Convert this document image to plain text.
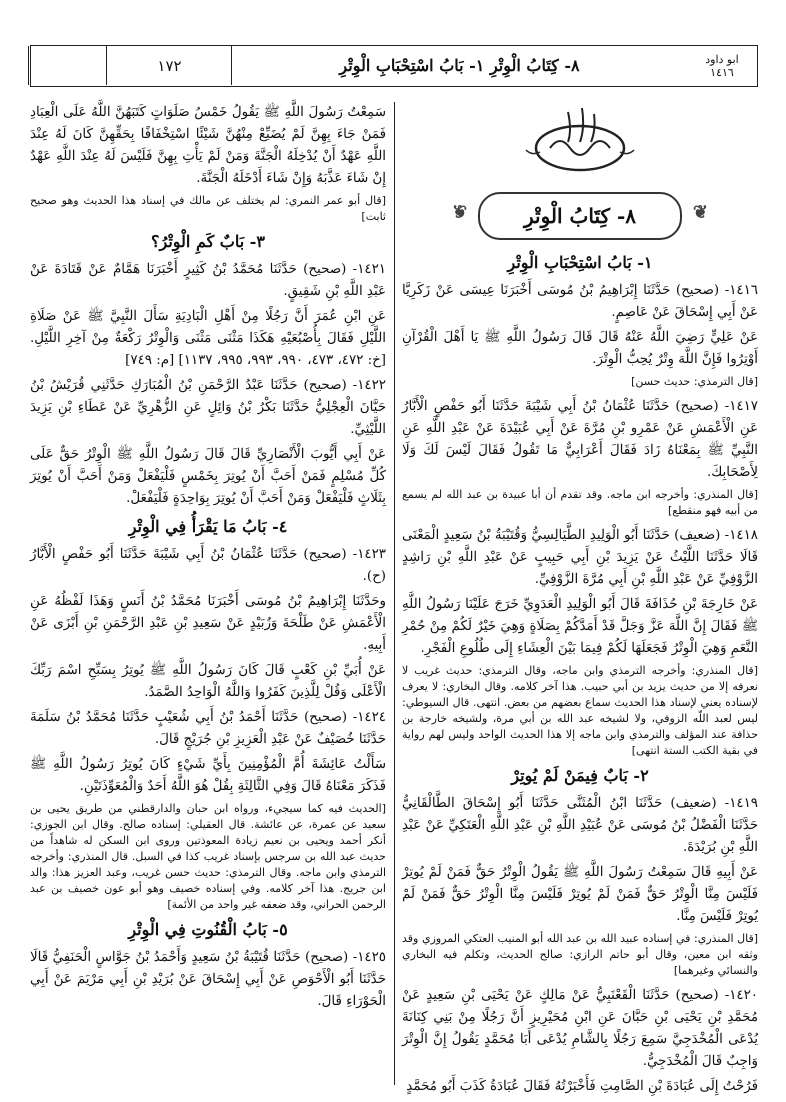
ابو داود
١٤١٦
٨- كِتَابُ الْوِتْرِ ١- بَابُ اسْتِحْبَابِ الْوِتْرِ
١٧٢
❦ ٨- كِتَابُ الْوِتْرِ ❦
١- بَابُ اسْتِحْبَابِ الْوِتْرِ

١٤١٦- (صحيح) حَدَّثَنَا إِبْرَاهِيمُ بْنُ مُوسَى أَخْبَرَنَا عِيسَى عَنْ زَكَرِيَّا عَنْ أَبِي إِسْحَاقَ عَنْ عَاصِمٍ.

عَنْ عَلِيٍّ رَضِيَ اللَّهُ عَنْهُ قَالَ قَالَ رَسُولُ اللَّهِ ﷺ يَا أَهْلَ الْقُرْآنِ أَوْتِرُوا فَإِنَّ اللَّهَ وِتْرٌ يُحِبُّ الْوِتْرَ.

[قال الترمذي: حديث حسن]

١٤١٧- (صحيح) حَدَّثَنَا عُثْمَانُ بْنُ أَبِي شَيْبَةَ حَدَّثَنَا أَبُو حَفْصٍ الْأَبَّارُ عَنِ الْأَعْمَشِ عَنْ عَمْرِو بْنِ مُرَّةَ عَنْ أَبِي عُبَيْدَةَ عَنْ عَبْدِ اللَّهِ عَنِ النَّبِيِّ ﷺ بِمَعْنَاهُ زَادَ فَقَالَ أَعْرَابِيٌّ مَا تَقُولُ فَقَالَ لَيْسَ لَكَ وَلَا لِأَصْحَابِكَ.

[قال المنذري: وأخرجه ابن ماجه. وقد تقدم أن أبا عبيدة بن عبد الله لم يسمع من أبيه فهو منقطع]

١٤١٨- (ضعيف) حَدَّثَنَا أَبُو الْوَلِيدِ الطَّيَالِسِيُّ وَقُتَيْبَةُ بْنُ سَعِيدٍ الْمَعْنَى قَالَا حَدَّثَنَا اللَّيْثُ عَنْ يَزِيدَ بْنِ أَبِي حَبِيبٍ عَنْ عَبْدِ اللَّهِ بْنِ رَاشِدٍ الزَّوْفِيِّ عَنْ عَبْدِ اللَّهِ بْنِ أَبِي مُرَّةَ الزَّوْفِيِّ.

عَنْ خَارِجَةَ بْنِ حُذَافَةَ قَالَ أَبُو الْوَلِيدِ الْعَدَوِيِّ خَرَجَ عَلَيْنَا رَسُولُ اللَّهِ ﷺ فَقَالَ إِنَّ اللَّهَ عَزَّ وَجَلَّ قَدْ أَمَدَّكُمْ بِصَلَاةٍ وَهِيَ خَيْرٌ لَكُمْ مِنْ حُمْرِ النَّعَمِ وَهِيَ الْوِتْرُ فَجَعَلَهَا لَكُمْ فِيمَا بَيْنَ الْعِشَاءِ إِلَى طُلُوعِ الْفَجْرِ.

[قال المنذري: وأخرجه الترمذي وابن ماجه، وقال الترمذي: حديث غريب لا نعرفه إلا من حديث يزيد بن أبي حبيب. هذا آخر كلامه. وقال البخاري: لا يعرف لإسناده يعني لإسناد هذا الحديث سماع بعضهم من بعض. انتهى. قال السيوطي: ليس لعبد اللّه الزوفي، ولا لشيخه عبد الله بن أبي مرة، ولشيخه خارجة بن حذافة عند المؤلف والترمذي وابن ماجه إلا هذا الحديث الواحد وليس لهم رواية في بقية الكتب الستة انتهى]
٢- بَابٌ فِيمَنْ لَمْ يُوتِرْ

١٤١٩- (ضعيف) حَدَّثَنَا ابْنُ الْمُثَنَّى حَدَّثَنَا أَبُو إِسْحَاقَ الطَّالْقَانِيُّ حَدَّثَنَا الْفَضْلُ بْنُ مُوسَى عَنْ عُبَيْدِ اللَّهِ بْنِ عَبْدِ اللَّهِ الْعَتَكِيِّ عَنْ عَبْدِ اللَّهِ بْنِ بُرَيْدَةَ.

عَنْ أَبِيهِ قَالَ سَمِعْتُ رَسُولَ اللَّهِ ﷺ يَقُولُ الْوِتْرُ حَقٌّ فَمَنْ لَمْ يُوتِرْ فَلَيْسَ مِنَّا الْوِتْرُ حَقٌّ فَمَنْ لَمْ يُوتِرْ فَلَيْسَ مِنَّا الْوِتْرُ حَقٌّ فَمَنْ لَمْ يُوتِرْ فَلَيْسَ مِنَّا.

[قال المنذري: في إسناده عبيد الله بن عبد الله أبو المنيب العتكي المروزي وقد وثقه ابن معين، وقال أبو حاتم الرازي: صالح الحديث، وتكلم فيه البخاري والنسائي وغيرهما]

١٤٢٠- (صحيح) حَدَّثَنَا الْقَعْنَبِيُّ عَنْ مَالِكٍ عَنْ يَحْيَى بْنِ سَعِيدٍ عَنْ مُحَمَّدِ بْنِ يَحْيَى بْنِ حَبَّانَ عَنِ ابْنِ مُحَيْرِيزٍ أَنَّ رَجُلًا مِنْ بَنِي كِنَانَةَ يُدْعَى الْمُخْدَجِيَّ سَمِعَ رَجُلًا بِالشَّامِ يُدْعَى أَبَا مُحَمَّدٍ يَقُولُ إِنَّ الْوِتْرَ وَاجِبٌ قَالَ الْمُخْدَجِيُّ.

فَرُحْتُ إِلَى عُبَادَةَ بْنِ الصَّامِتِ فَأَخْبَرْتُهُ فَقَالَ عُبَادَةُ كَذَبَ أَبُو مُحَمَّدٍ

سَمِعْتُ رَسُولَ اللَّهِ ﷺ يَقُولُ خَمْسُ صَلَوَاتٍ كَتَبَهُنَّ اللَّهُ عَلَى الْعِبَادِ فَمَنْ جَاءَ بِهِنَّ لَمْ يُضَيِّعْ مِنْهُنَّ شَيْئًا اسْتِخْفَافًا بِحَقِّهِنَّ كَانَ لَهُ عِنْدَ اللَّهِ عَهْدٌ أَنْ يُدْخِلَهُ الْجَنَّةَ وَمَنْ لَمْ يَأْتِ بِهِنَّ فَلَيْسَ لَهُ عِنْدَ اللَّهِ عَهْدٌ إِنْ شَاءَ عَذَّبَهُ وَإِنْ شَاءَ أَدْخَلَهُ الْجَنَّةَ.

[قال أبو عمر النمري: لم يختلف عن مالك في إسناد هذا الحديث وهو صحيح ثابت]
٣- بَابٌ كَمِ الْوِتْرُ؟

١٤٢١- (صحيح) حَدَّثَنَا مُحَمَّدُ بْنُ كَثِيرٍ أَخْبَرَنَا هَمَّامٌ عَنْ قَتَادَةَ عَنْ عَبْدِ اللَّهِ بْنِ شَقِيقٍ.

عَنِ ابْنِ عُمَرَ أَنَّ رَجُلًا مِنْ أَهْلِ الْبَادِيَةِ سَأَلَ النَّبِيَّ ﷺ عَنْ صَلَاةِ اللَّيْلِ فَقَالَ بِأُصْبُعَيْهِ هَكَذَا مَثْنَى مَثْنَى وَالْوِتْرُ رَكْعَةٌ مِنْ آخِرِ اللَّيْلِ. [خ: ٤٧٢، ٤٧٣، ٩٩٠، ٩٩٣، ٩٩٥، ١١٣٧] [م: ٧٤٩]

١٤٢٢- (صحيح) حَدَّثَنَا عَبْدُ الرَّحْمَنِ بْنُ الْمُبَارَكِ حَدَّثَنِي قُرَيْشُ بْنُ حَيَّانَ الْعِجْلِيُّ حَدَّثَنَا بَكْرُ بْنُ وَائِلٍ عَنِ الزُّهْرِيِّ عَنْ عَطَاءِ بْنِ يَزِيدَ اللَّيْثِيِّ.

عَنْ أَبِي أَيُّوبَ الْأَنْصَارِيِّ قَالَ قَالَ رَسُولُ اللَّهِ ﷺ الْوِتْرُ حَقٌّ عَلَى كُلِّ مُسْلِمٍ فَمَنْ أَحَبَّ أَنْ يُوتِرَ بِخَمْسٍ فَلْيَفْعَلْ وَمَنْ أَحَبَّ أَنْ يُوتِرَ بِثَلَاثٍ فَلْيَفْعَلْ وَمَنْ أَحَبَّ أَنْ يُوتِرَ بِوَاحِدَةٍ فَلْيَفْعَلْ.

٤- بَابُ مَا يَقْرَأُ فِي الْوِتْرِ

١٤٢٣- (صحيح) حَدَّثَنَا عُثْمَانُ بْنُ أَبِي شَيْبَةَ حَدَّثَنَا أَبُو حَفْصٍ الْأَبَّارُ (ح).

وحَدَّثَنَا إِبْرَاهِيمُ بْنُ مُوسَى أَخْبَرَنَا مُحَمَّدُ بْنُ أَنَسٍ وَهَذَا لَفْظُهُ عَنِ الْأَعْمَشِ عَنْ طَلْحَةَ وَزُبَيْدٍ عَنْ سَعِيدِ بْنِ عَبْدِ الرَّحْمَنِ بْنِ أَبْزَى عَنْ أَبِيهِ.

عَنْ أُبَيِّ بْنِ كَعْبٍ قَالَ كَانَ رَسُولُ اللَّهِ ﷺ يُوتِرُ بِسَبِّحِ اسْمَ رَبِّكَ الْأَعْلَى وَقُلْ لِلَّذِينَ كَفَرُوا وَاللَّهُ الْوَاحِدُ الصَّمَدُ.

١٤٢٤- (صحيح) حَدَّثَنَا أَحْمَدُ بْنُ أَبِي شُعَيْبٍ حَدَّثَنَا مُحَمَّدُ بْنُ سَلَمَةَ حَدَّثَنَا خُصَيْفٌ عَنْ عَبْدِ الْعَزِيزِ بْنِ جُرَيْجٍ قَالَ.

سَأَلْتُ عَائِشَةَ أُمَّ الْمُؤْمِنِينَ بِأَيِّ شَيْءٍ كَانَ يُوتِرُ رَسُولُ اللَّهِ ﷺ فَذَكَرَ مَعْنَاهُ قَالَ وَفِي الثَّالِثَةِ بِقُلْ هُوَ اللَّهُ أَحَدٌ وَالْمُعَوِّذَتَيْنِ.

[الحديث فيه كما سيجيء، ورواه ابن حبان والدارقطني من طريق يحيى بن سعيد عن عمرة، عن عائشة. قال العقيلي: إسناده صالح. وقال ابن الجوزي: أنكر أحمد ويحيى بن نعيم زيادة المعوذتين وروى ابن السكن له شاهداً من حديث عبد الله بن سرجس بإسناد غريب كذا في السبل. قال المنذري: وأخرجه الترمذي وابن ماجه. وقال الترمذي: حديث حسن غريب، وعبد العزيز هذا: والد ابن جريج. هذا آخر كلامه. وفي إسناده خصيف وهو أبو عون خصيف بن عبد الرحمن الحراني، وقد ضعفه غير واحد من الأئمة]
٥- بَابُ الْقُنُوتِ فِي الْوِتْرِ

١٤٢٥- (صحيح) حَدَّثَنَا قُتَيْبَةُ بْنُ سَعِيدٍ وَأَحْمَدُ بْنُ جَوَّاسٍ الْحَنَفِيُّ قَالَا حَدَّثَنَا أَبُو الْأَحْوَصِ عَنْ أَبِي إِسْحَاقَ عَنْ بُرَيْدِ بْنِ أَبِي مَرْيَمَ عَنْ أَبِي الْحَوْرَاءِ قَالَ.
